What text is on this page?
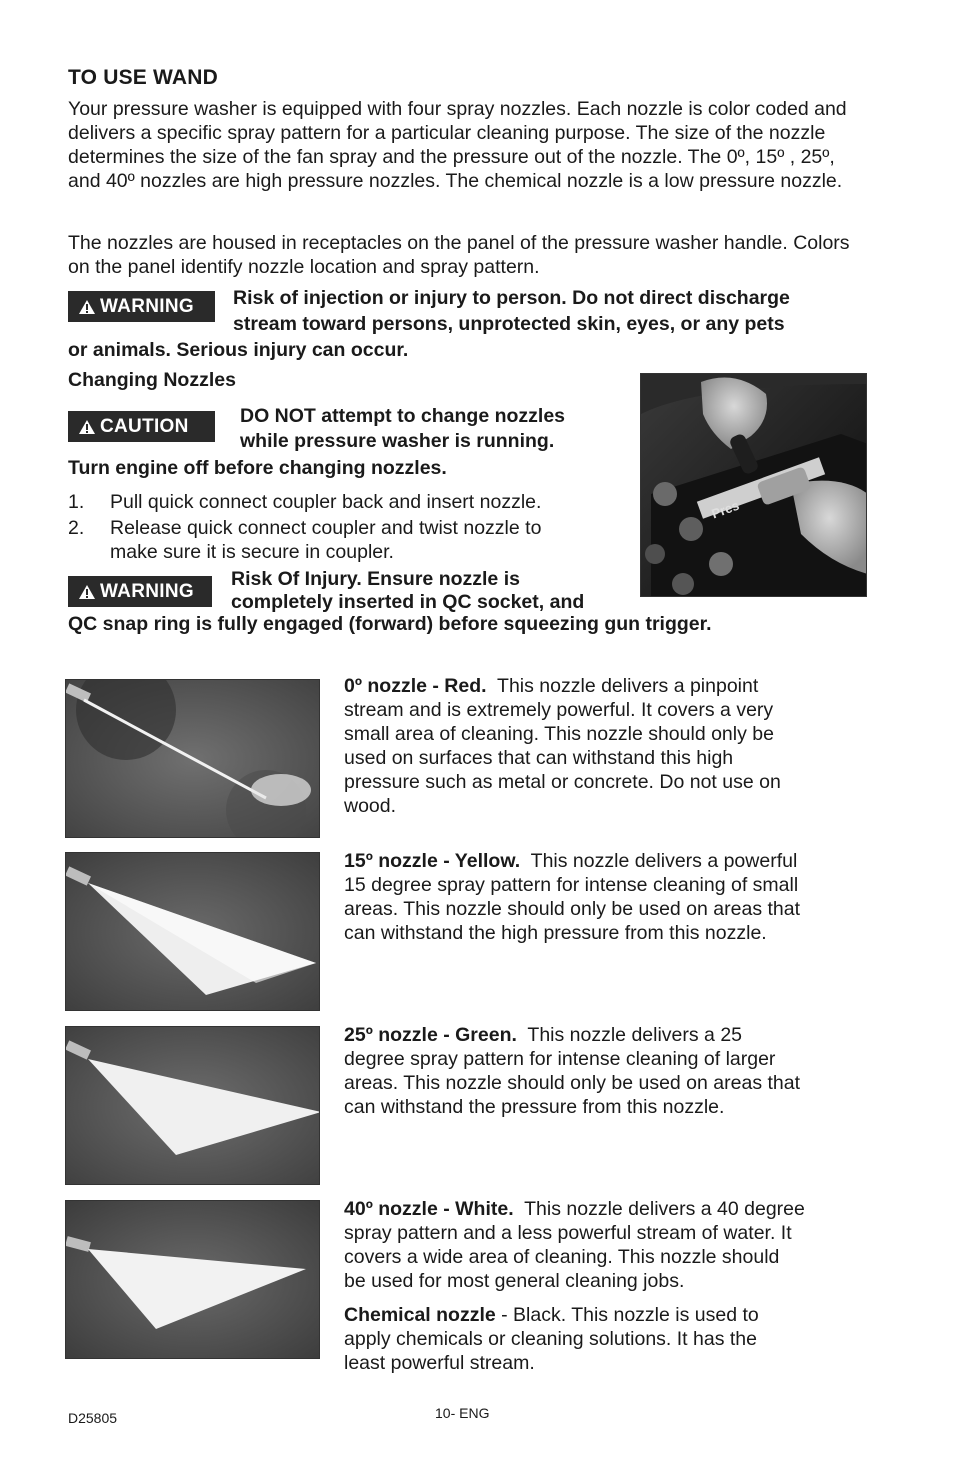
TO USE WAND
Your pressure washer is equipped with four spray nozzles. Each nozzle is color coded and delivers a specific spray pattern for a particular cleaning purpose. The size of the nozzle determines the size of the fan spray and the pressure out of the nozzle. The 0º, 15º , 25º, and 40º nozzles are high pressure nozzles. The chemical nozzle is a low pressure nozzle.
The nozzles are housed in receptacles on the panel of the pressure washer handle. Colors on the panel identify nozzle location and spray pattern.
WARNING Risk of injection or injury to person. Do not direct discharge
stream toward persons, unprotected skin, eyes, or any pets
or animals. Serious injury can occur.
Changing Nozzles
CAUTION	DO NOT attempt to change nozzles
while pressure washer is running.
Turn engine off before changing nozzles.
1. Pull quick connect coupler back and insert nozzle.
2. Release quick connect coupler and twist nozzle to
make sure it is secure in coupler.
WARNING
Risk Of Injury. Ensure nozzle is
completely inserted in QC socket, and
QC snap ring is fully engaged (forward) before squeezing gun trigger.
Pres
0º nozzle - Red. This nozzle delivers a pinpoint
stream and is extremely powerful. It covers a very
small area of cleaning. This nozzle should only be
used on surfaces that can withstand this high
pressure such as metal or concrete. Do not use on
wood.
15º nozzle - Yellow. This nozzle delivers a powerful
15 degree spray pattern for intense cleaning of small
areas. This nozzle should only be used on areas that
can withstand the high pressure from this nozzle.
25º nozzle - Green. This nozzle delivers a 25
degree spray pattern for intense cleaning of larger
areas. This nozzle should only be used on areas that
can withstand the pressure from this nozzle.
40º nozzle - White. This nozzle delivers a 40 degree
spray pattern and a less powerful stream of water. It
covers a wide area of cleaning. This nozzle should
be used for most general cleaning jobs.
Chemical nozzle - Black. This nozzle is used to
apply chemicals or cleaning solutions. It has the
least powerful stream.
D25805	10- ENG
